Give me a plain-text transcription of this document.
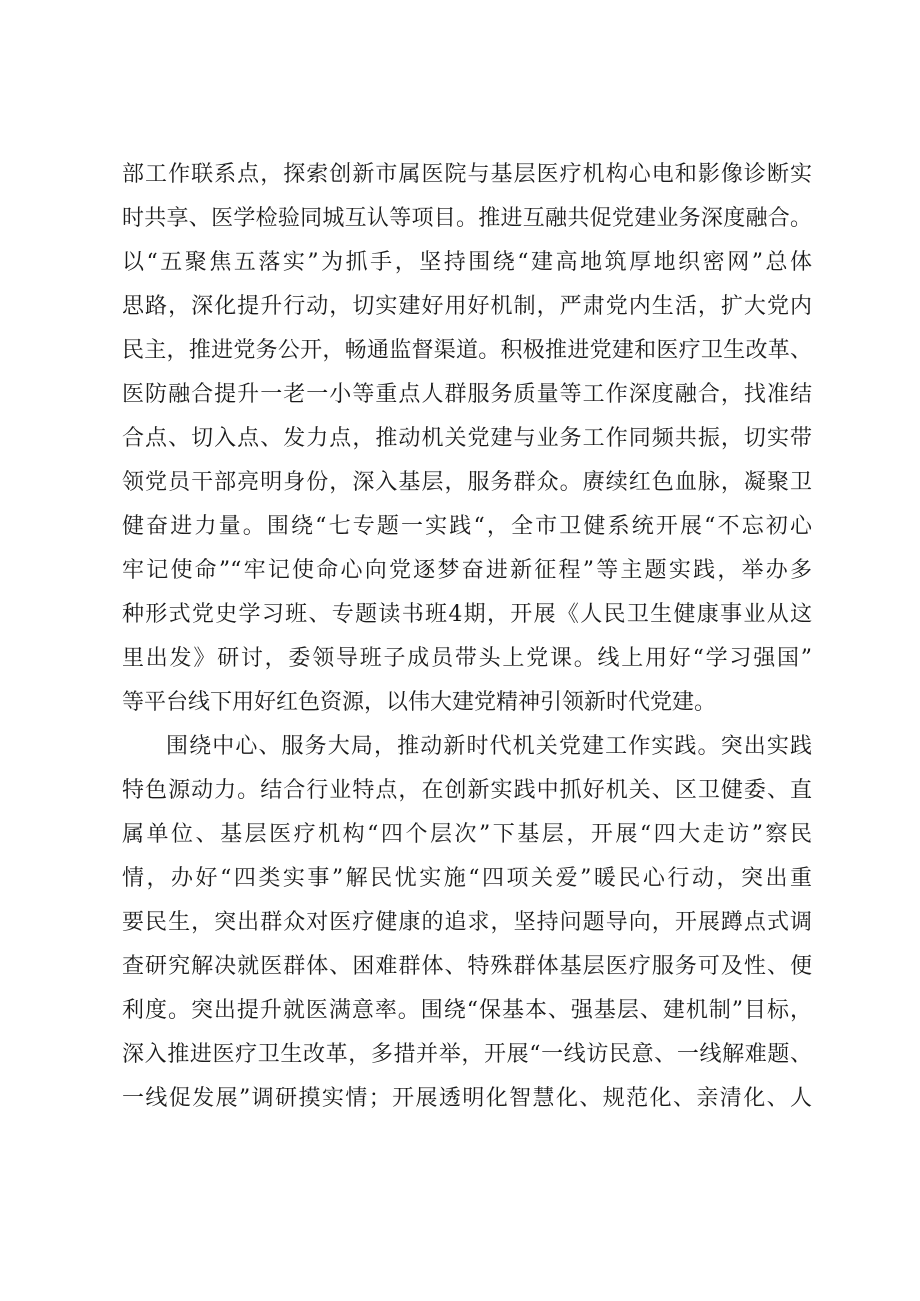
部工作联系点，探索创新市属医院与基层医疗机构心电和影像诊断实
时共享、医学检验同城互认等项目。推进互融共促党建业务深度融合。
以“五聚焦五落实”为抓手，坚持围绕“建高地筑厚地织密网”总体
思路，深化提升行动，切实建好用好机制，严肃党内生活，扩大党内
民主，推进党务公开，畅通监督渠道。积极推进党建和医疗卫生改革、
医防融合提升一老一小等重点人群服务质量等工作深度融合，找准结
合点、切入点、发力点，推动机关党建与业务工作同频共振，切实带
领党员干部亮明身份，深入基层，服务群众。赓续红色血脉，凝聚卫
健奋进力量。围绕“七专题一实践“，全市卫健系统开展“不忘初心
牢记使命”“牢记使命心向党逐梦奋进新征程”等主题实践，举办多
种形式党史学习班、专题读书班4期，开展《人民卫生健康事业从这
里出发》研讨，委领导班子成员带头上党课。线上用好“学习强国”
等平台线下用好红色资源，以伟大建党精神引领新时代党建。
围绕中心、服务大局，推动新时代机关党建工作实践。突出实践
特色源动力。结合行业特点，在创新实践中抓好机关、区卫健委、直
属单位、基层医疗机构“四个层次”下基层，开展“四大走访”察民
情，办好“四类实事”解民忧实施“四项关爱”暖民心行动，突出重
要民生，突出群众对医疗健康的追求，坚持问题导向，开展蹲点式调
查研究解决就医群体、困难群体、特殊群体基层医疗服务可及性、便
利度。突出提升就医满意率。围绕“保基本、强基层、建机制”目标，
深入推进医疗卫生改革，多措并举，开展“一线访民意、一线解难题、
一线促发展”调研摸实情；开展透明化智慧化、规范化、亲清化、人
